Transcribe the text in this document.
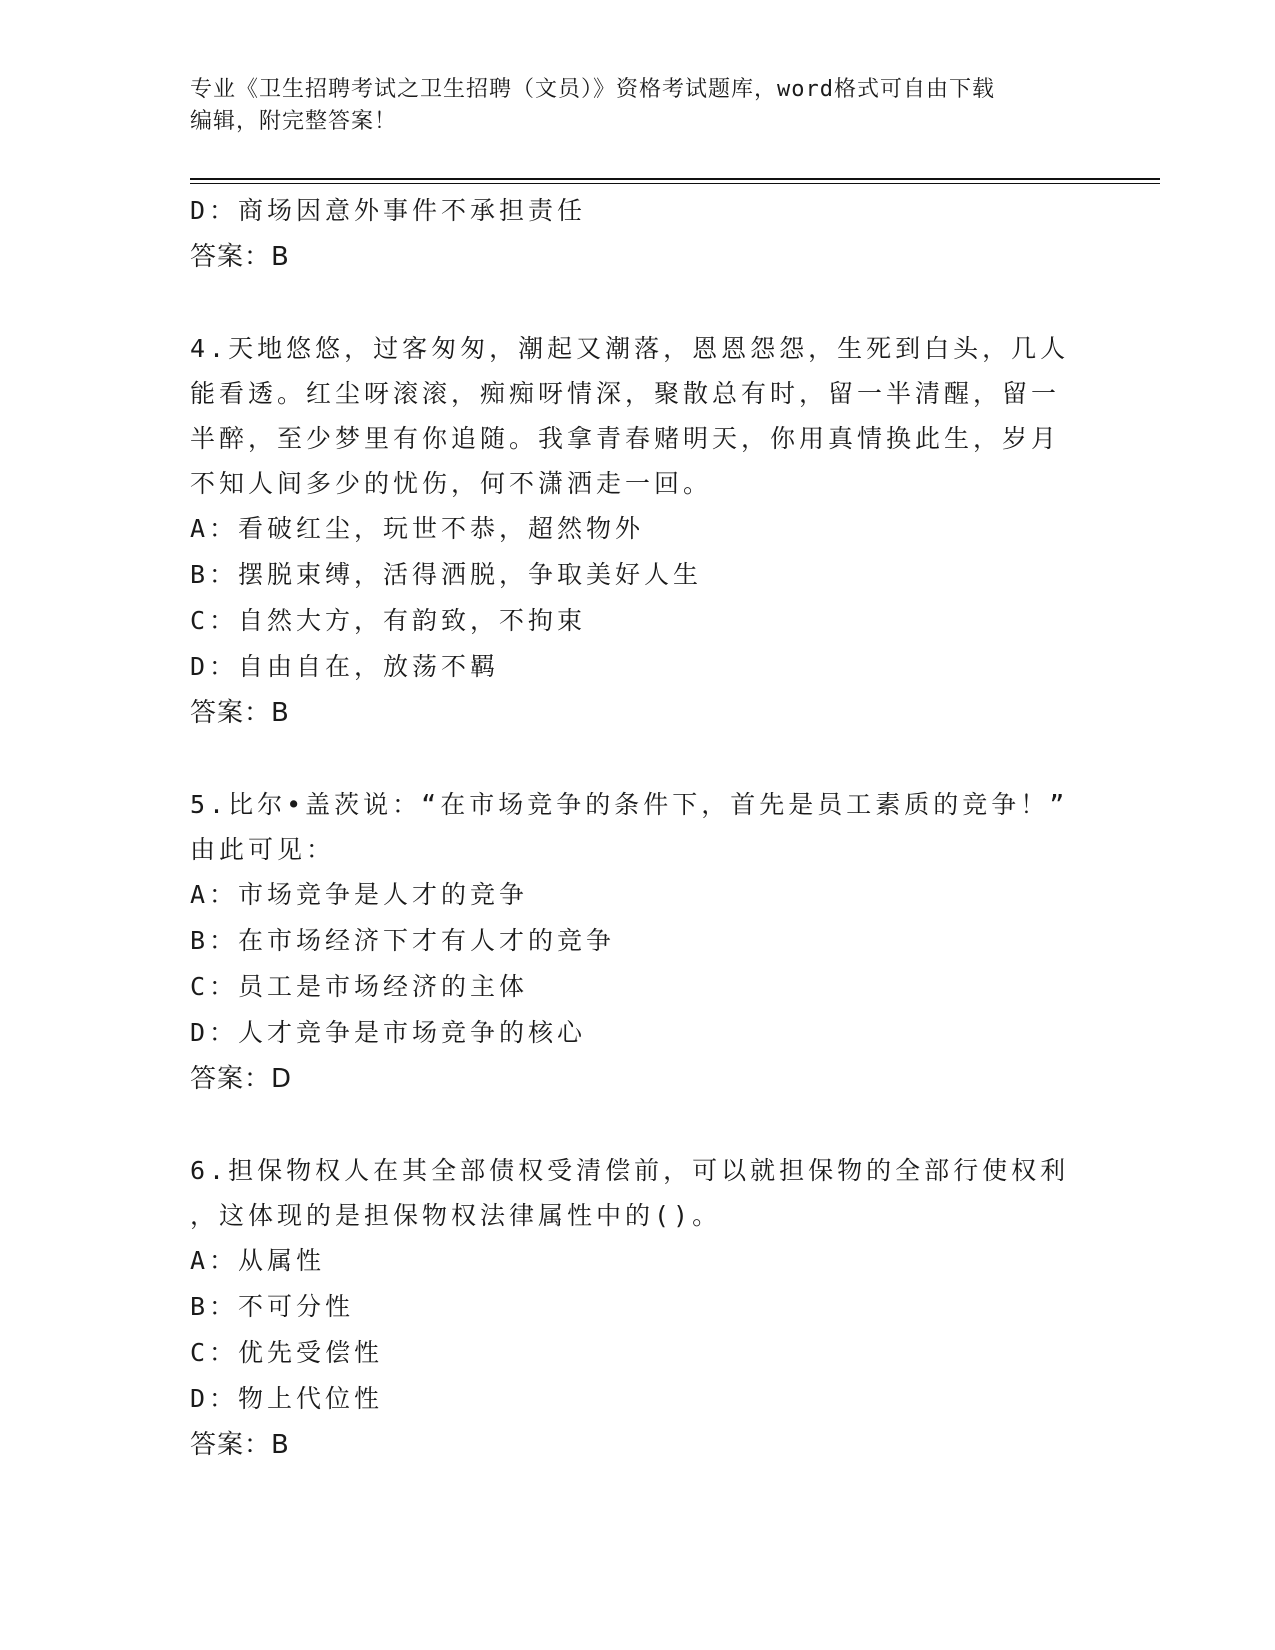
专业《卫生招聘考试之卫生招聘（文员）》资格考试题库，word格式可自由下载
编辑，附完整答案！
D：商场因意外事件不承担责任
答案：B
4.天地悠悠，过客匆匆，潮起又潮落，恩恩怨怨，生死到白头，几人
能看透。红尘呀滚滚，痴痴呀情深，聚散总有时，留一半清醒，留一
半醉，至少梦里有你追随。我拿青春赌明天，你用真情换此生，岁月
不知人间多少的忧伤，何不潇洒走一回。
A：看破红尘，玩世不恭，超然物外
B：摆脱束缚，活得洒脱，争取美好人生
C：自然大方，有韵致，不拘束
D：自由自在，放荡不羁
答案：B
5.比尔•盖茨说：“在市场竞争的条件下，首先是员工素质的竞争！”
由此可见：
A：市场竞争是人才的竞争
B：在市场经济下才有人才的竞争
C：员工是市场经济的主体
D：人才竞争是市场竞争的核心
答案：D
6.担保物权人在其全部债权受清偿前，可以就担保物的全部行使权利
，这体现的是担保物权法律属性中的()。
A：从属性
B：不可分性
C：优先受偿性
D：物上代位性
答案：B
